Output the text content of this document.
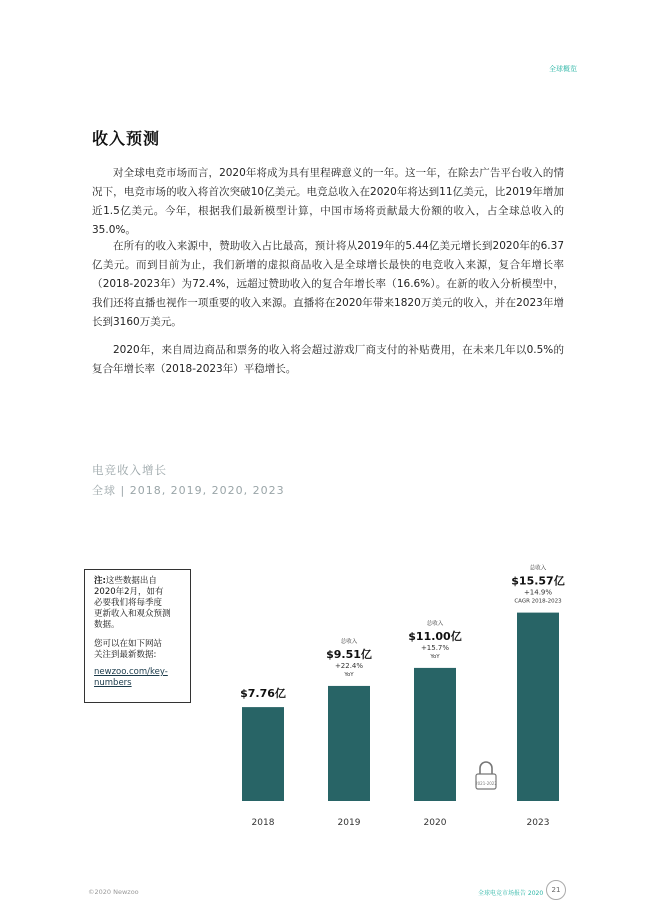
全球概览
收入预测

对全球电竞市场而言，2020年将成为具有里程碑意义的一年。这一年，在除去广告平台收入的情况下，电竞市场的收入将首次突破10亿美元。电竞总收入在2020年将达到11亿美元，比2019年增加近1.5亿美元。今年，根据我们最新模型计算，中国市场将贡献最大份额的收入，占全球总收入的35.0%。

在所有的收入来源中，赞助收入占比最高，预计将从2019年的5.44亿美元增长到2020年的6.37亿美元。而到目前为止，我们新增的虚拟商品收入是全球增长最快的电竞收入来源，复合年增长率（2018-2023年）为72.4%，远超过赞助收入的复合年增长率（16.6%）。在新的收入分析模型中，我们还将直播也视作一项重要的收入来源。直播将在2020年带来1820万美元的收入，并在2023年增长到3160万美元。

2020年，来自周边商品和票务的收入将会超过游戏厂商支付的补贴费用，在未来几年以0.5%的复合年增长率（2018-2023年）平稳增长。

电竞收入增长
全球 | 2018, 2019, 2020, 2023

注:这些数据出自
2020年2月，如有
必要我们将每季度
更新收入和观众预测
数据。

您可以在如下网站
关注到最新数据:

newzoo.com/key-
numbers
2018
$7.76亿
2019
YoY
+22.4%
$9.51亿
总收入
2020
YoY
+15.7%
$11.00亿
总收入
2023
CAGR 2018-2023
+14.9%
$15.57亿
总收入
2021-2022
©2020 Newzoo	全球电竞市场报告 2020	21
